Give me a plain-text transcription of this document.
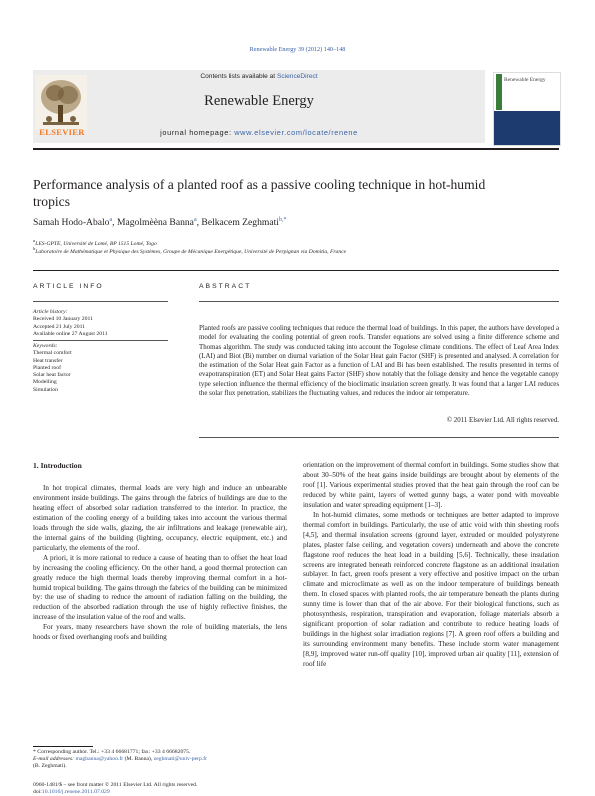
Renewable Energy 39 (2012) 140–148
Contents lists available at ScienceDirect
Renewable Energy
journal homepage: www.elsevier.com/locate/renene
ELSEVIER
Renewable Energy
Performance analysis of a planted roof as a passive cooling technique in hot-humid tropics
Samah Hodo-Abalo$^a$, Magolmèèna Banna$^a$, Belkacem Zeghmati$^{b,*}$
$^a$LES-GPTE, Université de Lomé, BP 1515 Lomé, Togo
$^b$Laboratoire de Mathématique et Physique des Systèmes, Groupe de Mécanique Energétique, Université de Perpignan via Domitia, France
ARTICLE INFO
Article history:
Received 10 January 2011
Accepted 21 July 2011
Available online 27 August 2011
Keywords:
Thermal comfort
Heat transfer
Planted roof
Solar heat factor
Modelling
Simulation
ABSTRACT
Planted roofs are passive cooling techniques that reduce the thermal load of buildings. In this paper, the authors have developed a model for evaluating the cooling potential of green roofs. Transfer equations are solved using a finite difference scheme and Thomas algorithm. The study was conducted taking into account the Togolese climate conditions. The effect of Leaf Area Index (LAI) and Biot (Bi) number on diurnal variation of the Solar Heat gain Factor (SHF) is presented and analysed. A correlation for the estimation of the Solar Heat gain Factor as a function of LAI and Bi has been established. The results presented in terms of evapotranspiration (ET) and Solar Heat gains Factor (SHF) show notably that the foliage density and hence the vegetable canopy type selection influence the thermal efficiency of the bioclimatic insulation screen greatly. It was found that a larger LAI reduces the solar flux penetration, stabilizes the fluctuating values, and reduces the indoor air temperature.
© 2011 Elsevier Ltd. All rights reserved.
1. Introduction

In hot tropical climates, thermal loads are very high and induce an unbearable environment inside buildings. The gains through the fabrics of buildings are due to the heating effect of absorbed solar radiation transferred to the interior. In practice, the estimation of the cooling energy of a building takes into account the various thermal loads through the side walls, glazing, the air infiltrations and leakage (renewable air), the internal gains of the building (lighting, occupancy, electric equipment, etc.) and particularly, the elements of the roof.

A priori, it is more rational to reduce a cause of heating than to offset the heat load by increasing the cooling efficiency. On the other hand, a good thermal protection can greatly reduce the high thermal loads thereby improving thermal comfort in a hot-humid tropical building. The gains through the fabrics of the building can be minimized by: the use of shading to reduce the amount of radiation falling on the building, the reduction of the absorbed radiation through the use of highly reflective finishes, the increase of the insulation value of the roof and walls.

For years, many researchers have shown the role of building materials, the lens hoods or fixed overhanging roofs and building

orientation on the improvement of thermal comfort in buildings. Some studies show that about 30–50% of the heat gains inside buildings are brought about by elements of the roof [1]. Various experimental studies proved that the heat gain through the roof can be reduced by white paint, layers of wetted gunny bags, a water pond with moveable insulation and water spreading equipment [1–3].

In hot-humid climates, some methods or techniques are better adapted to improve thermal comfort in buildings. Particularly, the use of attic void with thin sheeting roofs [4,5], and thermal insulation screens (ground layer, extruded or moulded polystyrene plates, plaster false ceiling, and vegetation covers) underneath and above the concrete flagstone roof reduces the heat load in a building [5,6]. Technically, these insulation screens are integrated beneath reinforced concrete flagstone as an additional insulation sublayer. In fact, green roofs present a very effective and positive impact on the urban climate and microclimate as well as on the indoor temperature of buildings beneath them. In closed spaces with planted roofs, the air temperature beneath the plants during sunny time is lower than that of the air above. For their biological functions, such as photosynthesis, respiration, transpiration and evaporation, foliage materials absorb a significant proportion of solar radiation and contribute to reduce heating loads of buildings in the highest solar irradiation regions [7]. A green roof offers a building and its surrounding environment many benefits. These include storm water management [8,9], improved water run-off quality [10], improved urban air quality [11], extension of roof life

* Corresponding author. Tel.: +33 4 66681771; fax: +33 4 66682075.
E-mail addresses: magbanna@yahoo.fr (M. Banna), zeghmati@univ-perp.fr
(B. Zeghmati).
0960-1481/$ – see front matter © 2011 Elsevier Ltd. All rights reserved.
doi:10.1016/j.renene.2011.07.029
